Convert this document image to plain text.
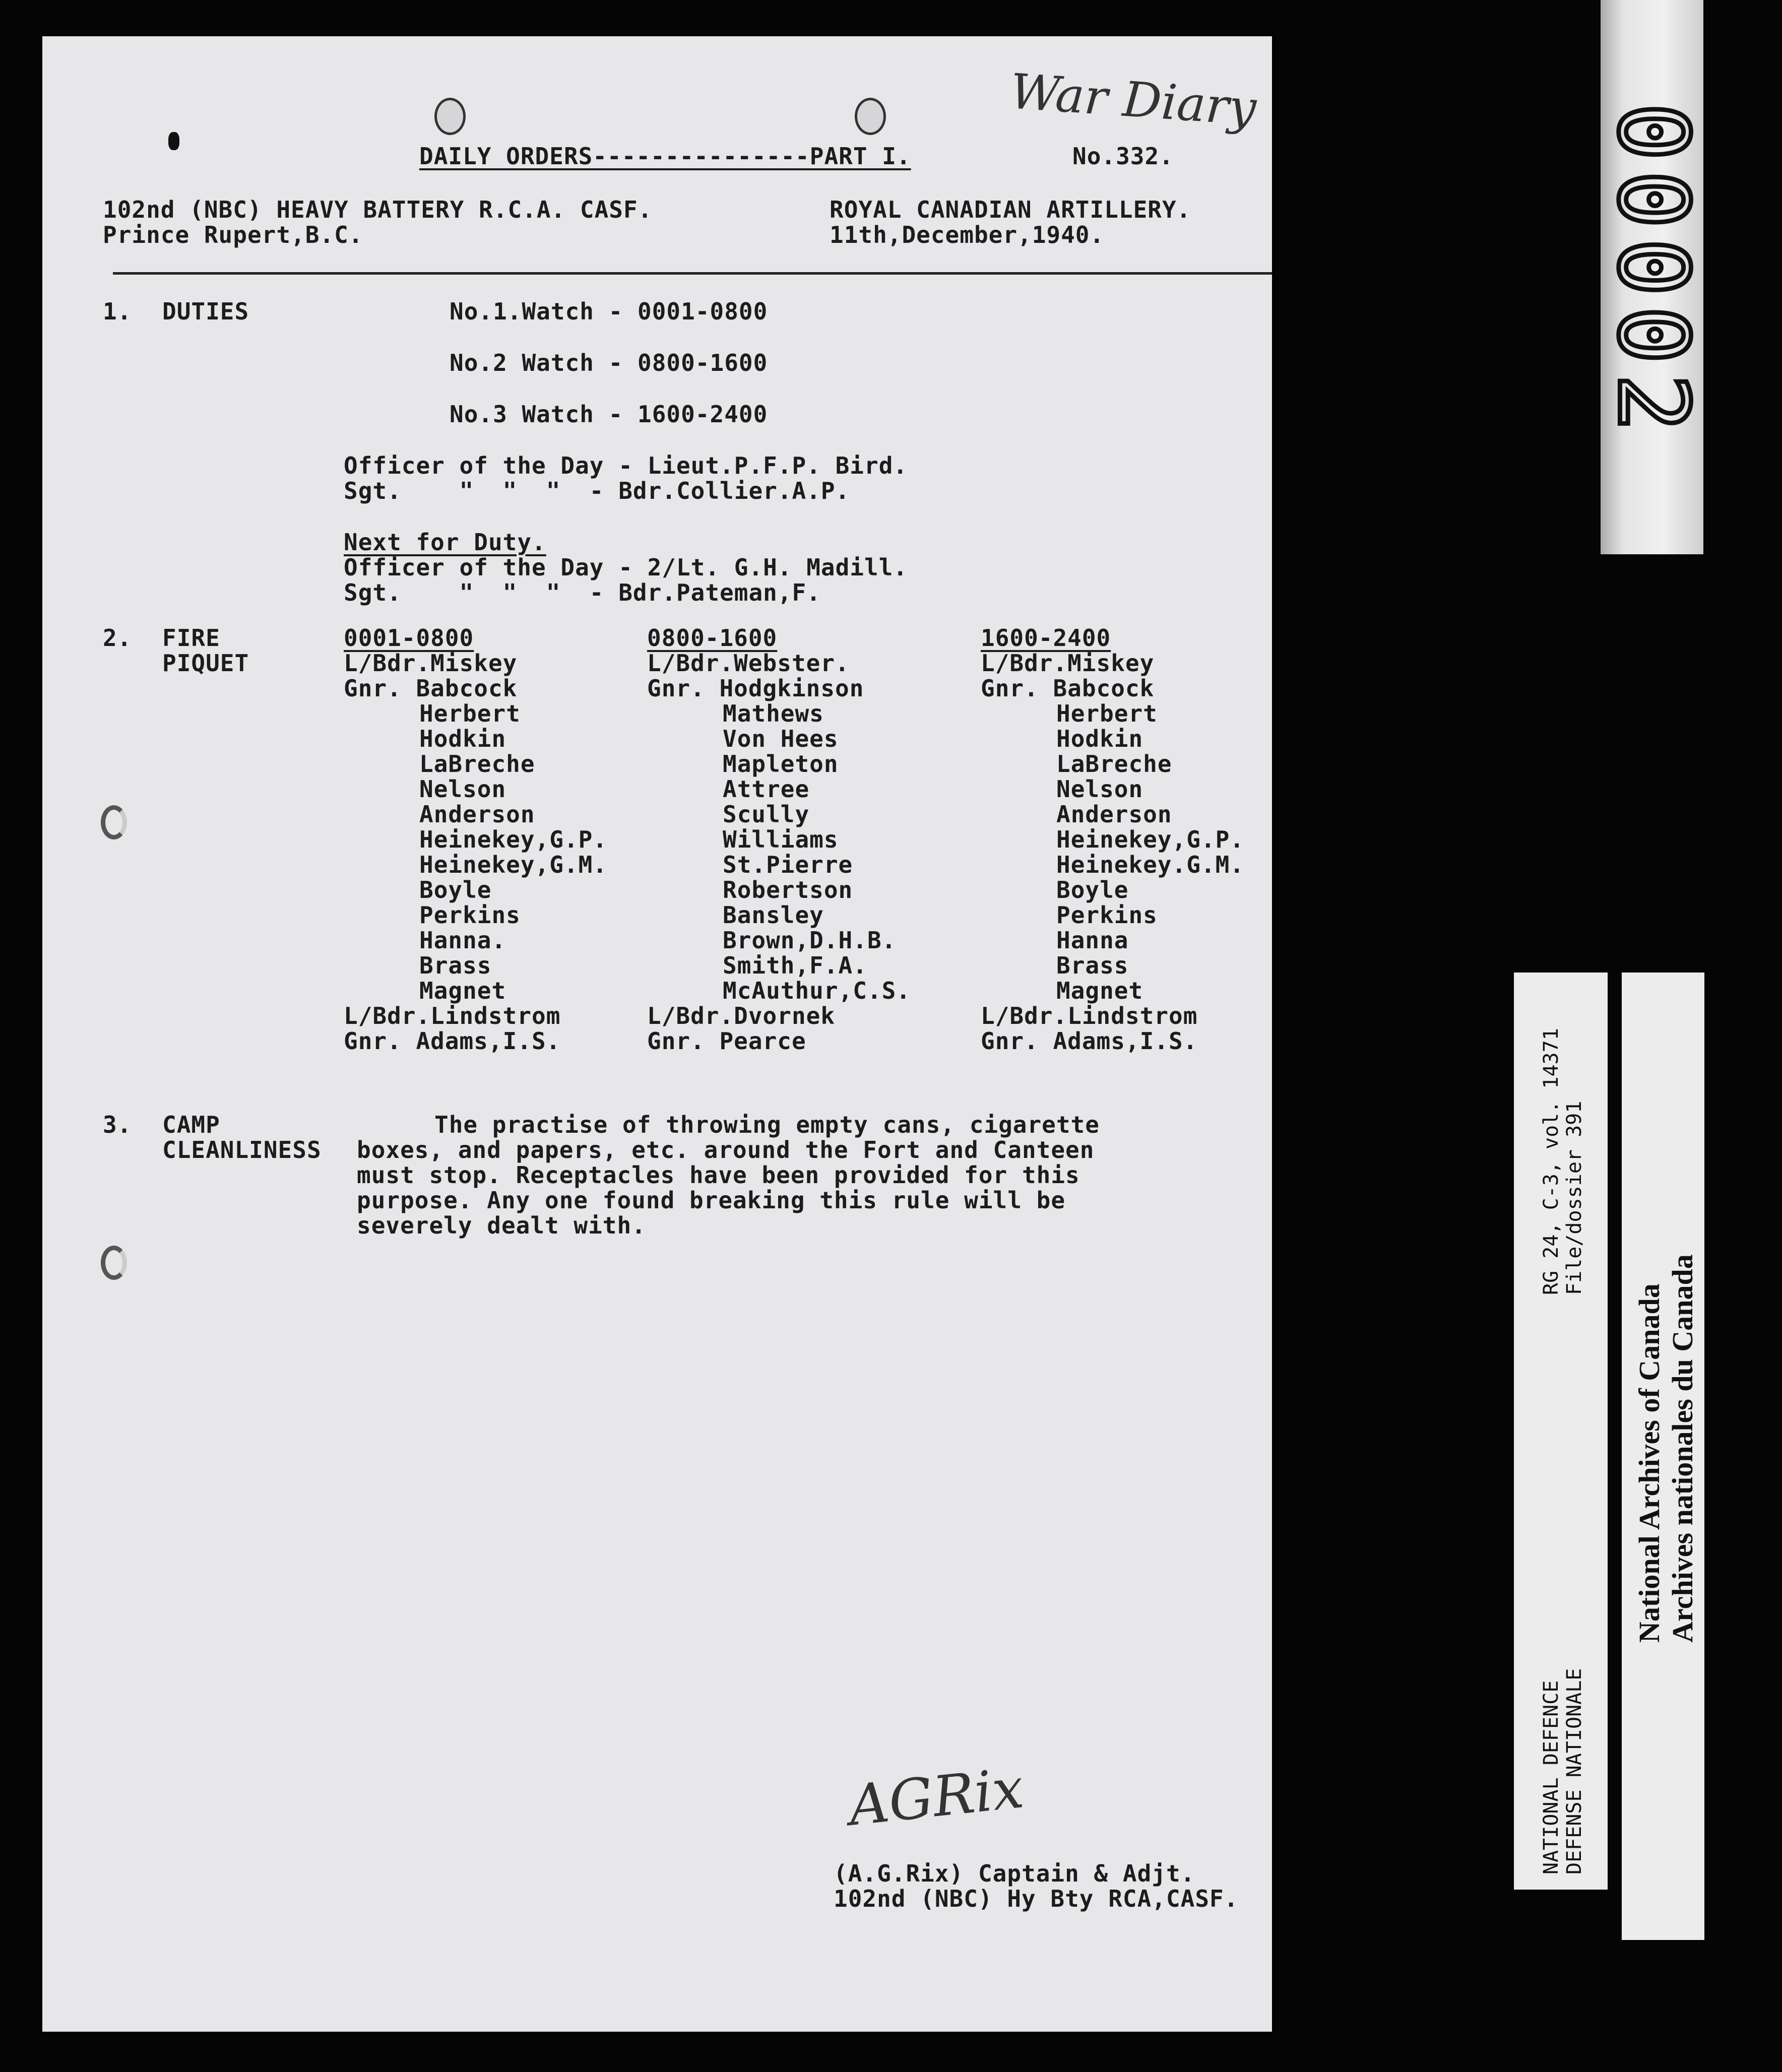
00002
War Diary
DAILY ORDERS---------------PART I.	No.332.
102nd (NBC) HEAVY BATTERY R.C.A. CASF.
Prince Rupert,B.C.
ROYAL CANADIAN ARTILLERY.
11th,December,1940.
1. DUTIES	No.1.Watch - 0001-0800
No.2 Watch - 0800-1600
No.3 Watch - 1600-2400
Officer of the Day - Lieut.P.F.P. Bird.
Sgt.    "  "  "  - Bdr.Collier.A.P.
Next for Duty.
Officer of the Day - 2/Lt. G.H. Madill.
Sgt.    "  "  "  - Bdr.Pateman,F.
2. FIRE
PIQUET
0001-0800
L/Bdr.Miskey
Gnr. Babcock
Herbert
Hodkin
LaBreche
Nelson
Anderson
Heinekey,G.P.
Heinekey,G.M.
Boyle
Perkins
Hanna.
Brass
Magnet
L/Bdr.Lindstrom
Gnr. Adams,I.S.
0800-1600
L/Bdr.Webster.
Gnr. Hodgkinson
Mathews
Von Hees
Mapleton
Attree
Scully
Williams
St.Pierre
Robertson
Bansley
Brown,D.H.B.
Smith,F.A.
McAuthur,C.S.
L/Bdr.Dvornek
Gnr. Pearce
1600-2400
L/Bdr.Miskey
Gnr. Babcock
Herbert
Hodkin
LaBreche
Nelson
Anderson
Heinekey,G.P.
Heinekey.G.M.
Boyle
Perkins
Hanna
Brass
Magnet
L/Bdr.Lindstrom
Gnr. Adams,I.S.
3. CAMP
CLEANLINESS
The practise of throwing empty cans, cigarette
boxes, and papers, etc. around the Fort and Canteen
must stop. Receptacles have been provided for this
purpose. Any one found breaking this rule will be
severely dealt with.
AGRix
(A.G.Rix) Captain & Adjt.
102nd (NBC) Hy Bty RCA,CASF.
NATIONAL DEFENCE DEFENSE NATIONALE
RG 24, C-3, vol. 14371 File/dossier 391
National Archives of Canada Archives nationales du Canada
